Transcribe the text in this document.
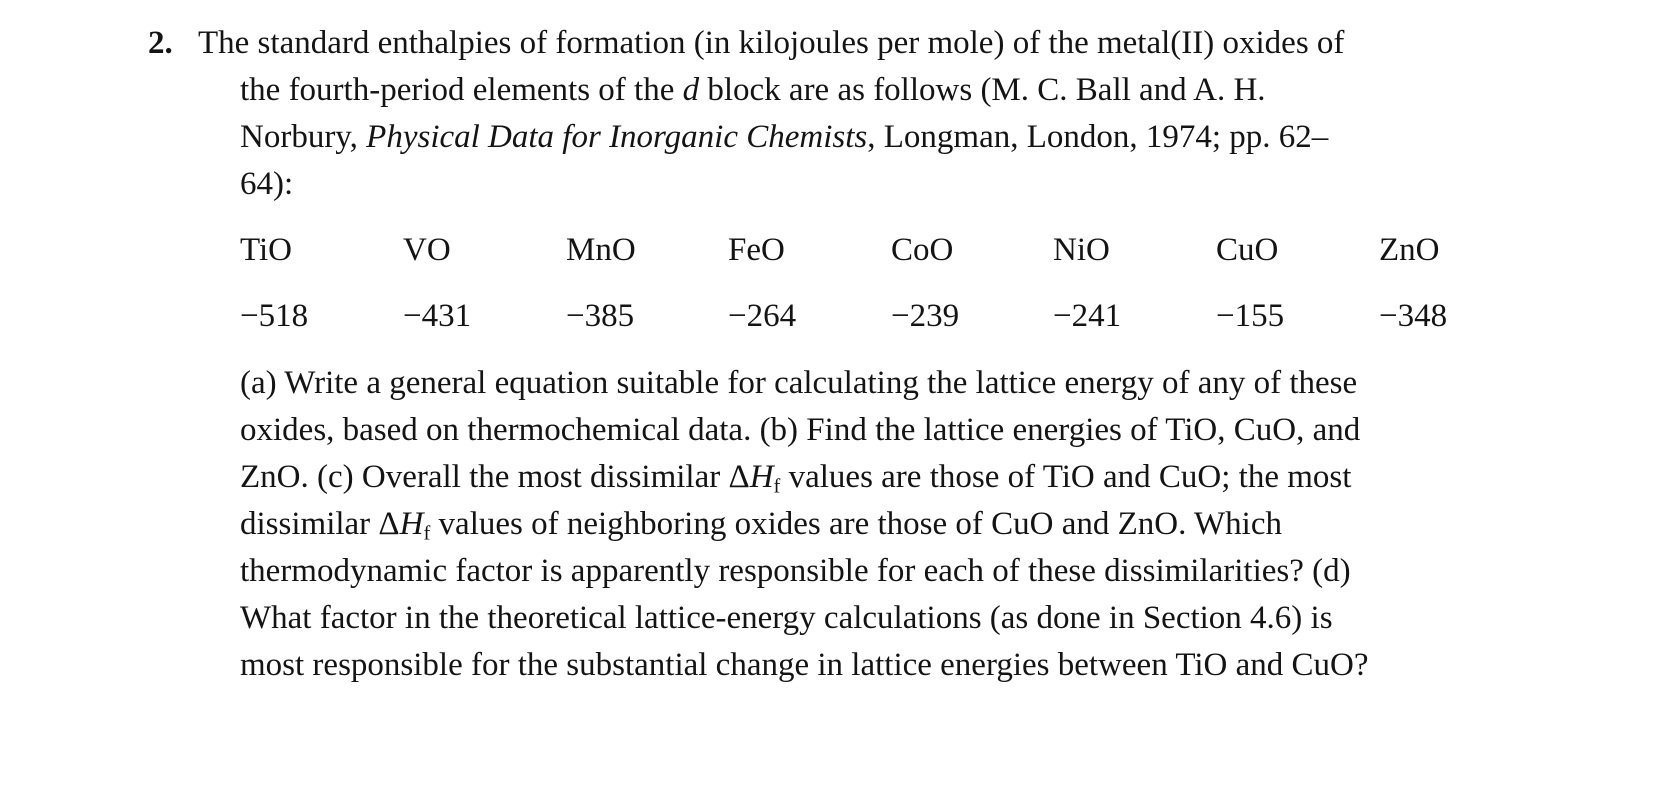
2. The standard enthalpies of formation (in kilojoules per mole) of the metal(II) oxides of
the fourth-period elements of the d block are as follows (M. C. Ball and A. H.
Norbury, Physical Data for Inorganic Chemists, Longman, London, 1974; pp. 62–
64):
TiO	VO	MnO	FeO	CoO	NiO	CuO	ZnO
−518	−431	−385	−264	−239	−241	−155	−348
(a) Write a general equation suitable for calculating the lattice energy of any of these
oxides, based on thermochemical data. (b) Find the lattice energies of TiO, CuO, and
ZnO. (c) Overall the most dissimilar $\Delta H_f$ values are those of TiO and CuO; the most
dissimilar $\Delta H_f$ values of neighboring oxides are those of CuO and ZnO. Which
thermodynamic factor is apparently responsible for each of these dissimilarities? (d)
What factor in the theoretical lattice-energy calculations (as done in Section 4.6) is
most responsible for the substantial change in lattice energies between TiO and CuO?
